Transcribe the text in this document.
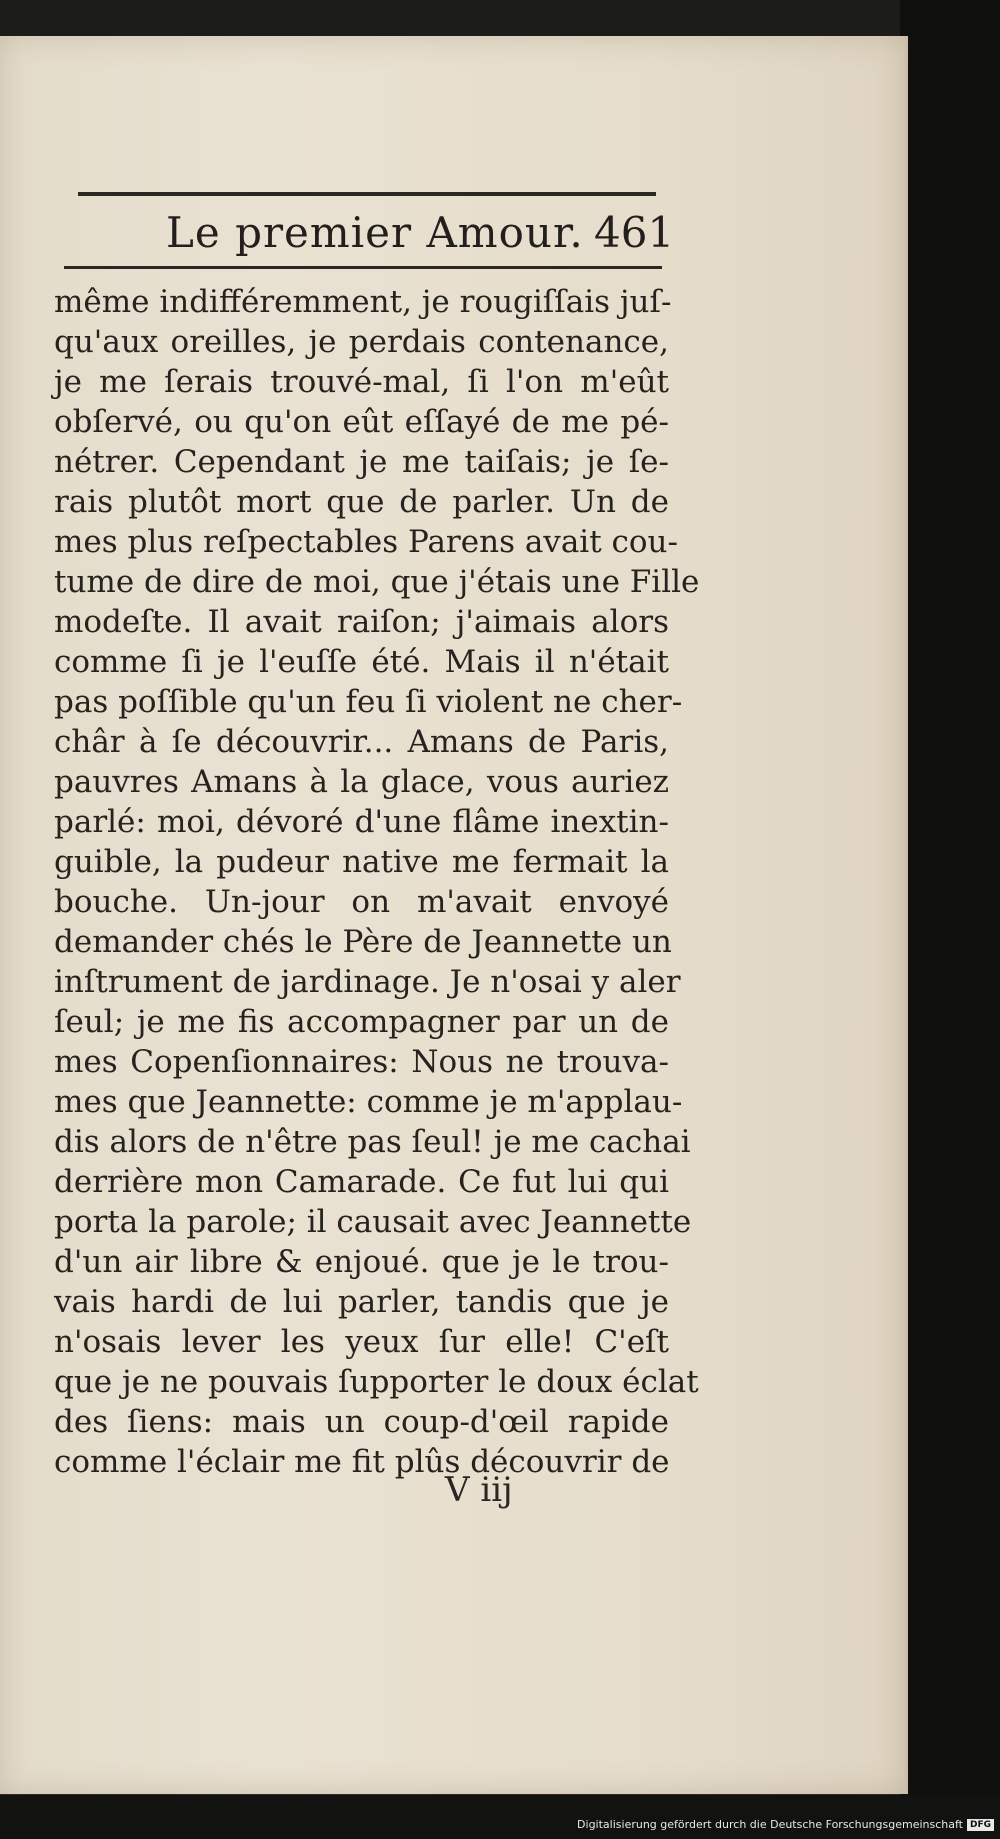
Le premier Amour. 461
même indifféremment, je rougiſſais juſ-
qu'aux oreilles, je perdais contenance,
je me ſerais trouvé-mal, ſi l'on m'eût
obſervé, ou qu'on eût eſſayé de me pé-
nétrer. Cependant je me taiſais; je ſe-
rais plutôt mort que de parler. Un de
mes plus reſpectables Parens avait cou-
tume de dire de moi, que j'étais une Fille
modeſte. Il avait raiſon; j'aimais alors
comme ſi je l'euſſe été. Mais il n'était
pas poſſible qu'un feu ſi violent ne cher-
châr à ſe découvrir... Amans de Paris,
pauvres Amans à la glace, vous auriez
parlé: moi, dévoré d'une flâme inextin-
guible, la pudeur native me fermait la
bouche. Un-jour on m'avait envoyé
demander chés le Père de Jeannette un
inſtrument de jardinage. Je n'osai y aler
ſeul; je me fis accompagner par un de
mes Copenſionnaires: Nous ne trouva-
mes que Jeannette: comme je m'applau-
dis alors de n'être pas ſeul! je me cachai
derrière mon Camarade. Ce fut lui qui
porta la parole; il causait avec Jeannette
d'un air libre & enjoué. que je le trou-
vais hardi de lui parler, tandis que je
n'osais lever les yeux ſur elle! C'eſt
que je ne pouvais ſupporter le doux éclat
des ſiens: mais un coup-d'œil rapide
comme l'éclair me fit plûs découvrir de
V iij
Digitalisierung gefördert durch die Deutsche Forschungsgemeinschaft DFG
